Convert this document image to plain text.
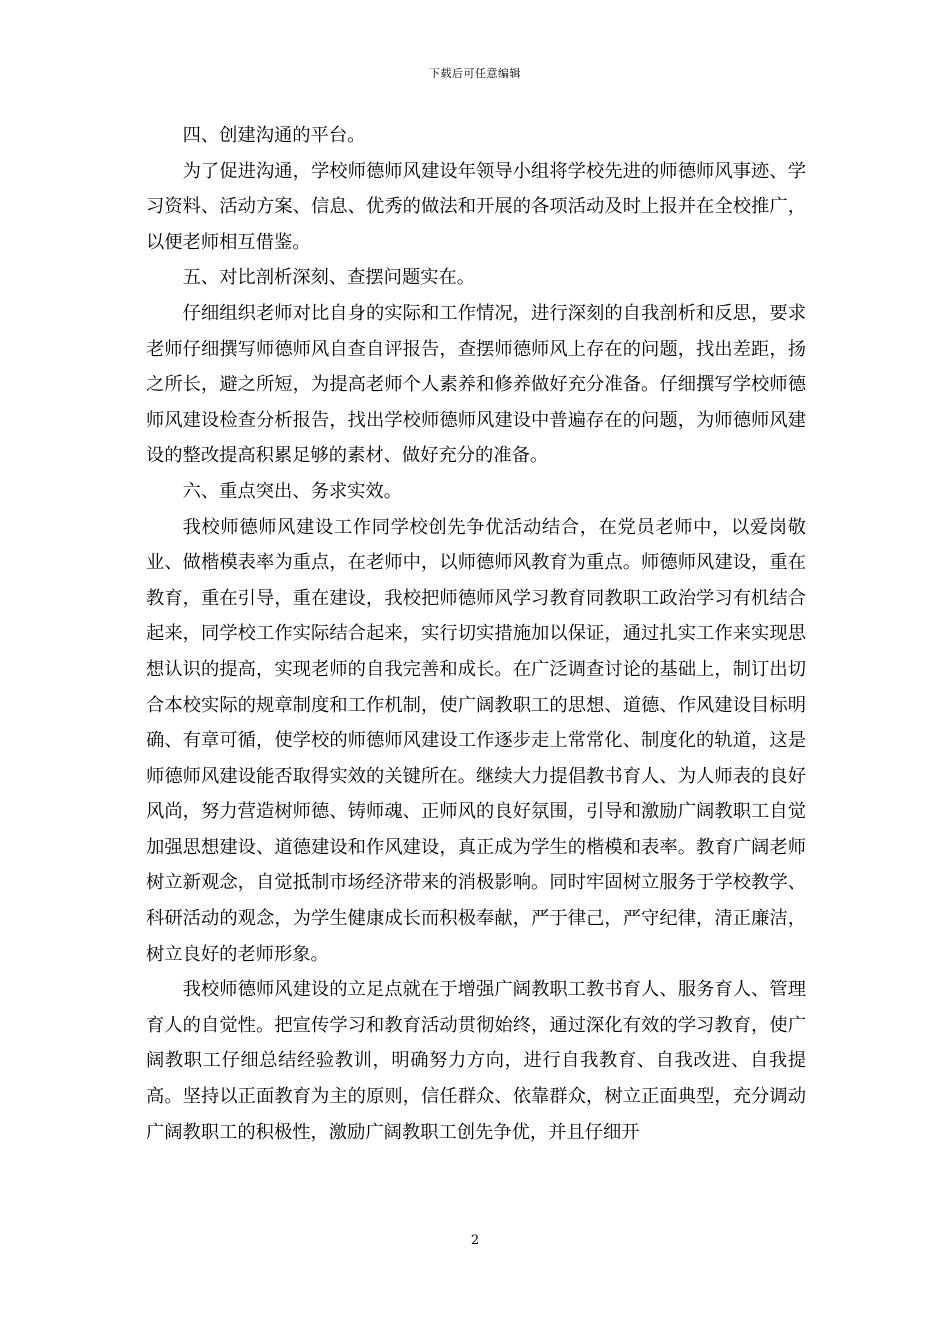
下载后可任意编辑

四、创建沟通的平台。

为了促进沟通，学校师德师风建设年领导小组将学校先进的师德师风事迹、学习资料、活动方案、信息、优秀的做法和开展的各项活动及时上报并在全校推广，以便老师相互借鉴。

五、对比剖析深刻、查摆问题实在。

仔细组织老师对比自身的实际和工作情况，进行深刻的自我剖析和反思，要求老师仔细撰写师德师风自查自评报告，查摆师德师风上存在的问题，找出差距，扬之所长，避之所短，为提高老师个人素养和修养做好充分准备。仔细撰写学校师德师风建设检查分析报告，找出学校师德师风建设中普遍存在的问题，为师德师风建设的整改提高积累足够的素材、做好充分的准备。

六、重点突出、务求实效。

我校师德师风建设工作同学校创先争优活动结合，在党员老师中，以爱岗敬业、做楷模表率为重点，在老师中，以师德师风教育为重点。师德师风建设，重在教育，重在引导，重在建设，我校把师德师风学习教育同教职工政治学习有机结合起来，同学校工作实际结合起来，实行切实措施加以保证，通过扎实工作来实现思想认识的提高，实现老师的自我完善和成长。在广泛调查讨论的基础上，制订出切合本校实际的规章制度和工作机制，使广阔教职工的思想、道德、作风建设目标明确、有章可循，使学校的师德师风建设工作逐步走上常常化、制度化的轨道，这是师德师风建设能否取得实效的关键所在。继续大力提倡教书育人、为人师表的良好风尚，努力营造树师德、铸师魂、正师风的良好氛围，引导和激励广阔教职工自觉加强思想建设、道德建设和作风建设，真正成为学生的楷模和表率。教育广阔老师树立新观念，自觉抵制市场经济带来的消极影响。同时牢固树立服务于学校教学、科研活动的观念，为学生健康成长而积极奉献，严于律己，严守纪律，清正廉洁，树立良好的老师形象。

我校师德师风建设的立足点就在于增强广阔教职工教书育人、服务育人、管理育人的自觉性。把宣传学习和教育活动贯彻始终，通过深化有效的学习教育，使广阔教职工仔细总结经验教训，明确努力方向，进行自我教育、自我改进、自我提高。坚持以正面教育为主的原则，信任群众、依靠群众，树立正面典型，充分调动广阔教职工的积极性，激励广阔教职工创先争优，并且仔细开

2
